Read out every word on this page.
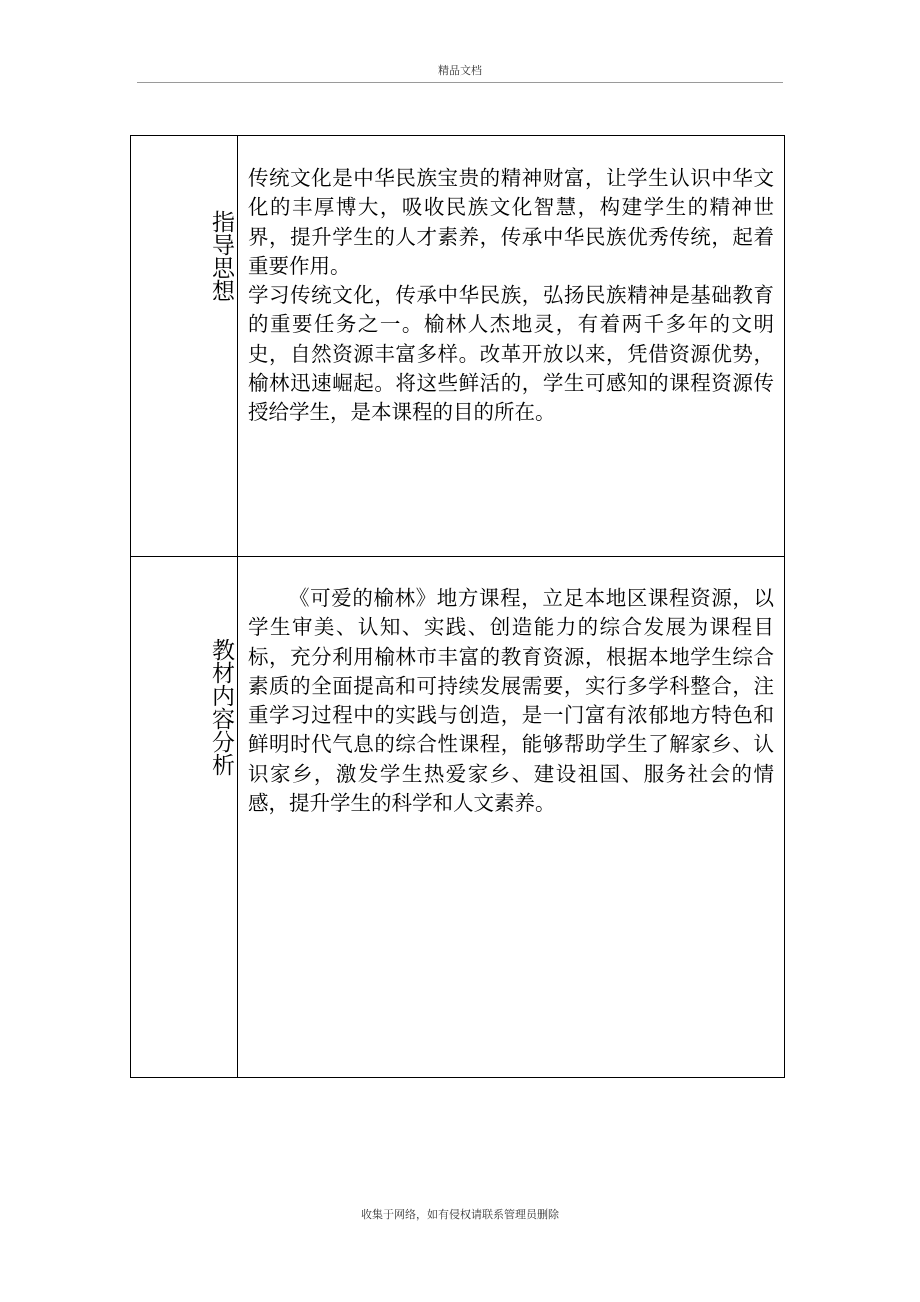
精品文档
指导思想

传统文化是中华民族宝贵的精神财富，让学生认识中华文化的丰厚博大，吸收民族文化智慧，构建学生的精神世界，提升学生的人才素养，传承中华民族优秀传统，起着重要作用。

学习传统文化，传承中华民族，弘扬民族精神是基础教育的重要任务之一。榆林人杰地灵，有着两千多年的文明史，自然资源丰富多样。改革开放以来，凭借资源优势，榆林迅速崛起。将这些鲜活的，学生可感知的课程资源传授给学生，是本课程的目的所在。

教材内容分析

《可爱的榆林》地方课程，立足本地区课程资源，以学生审美、认知、实践、创造能力的综合发展为课程目标，充分利用榆林市丰富的教育资源，根据本地学生综合素质的全面提高和可持续发展需要，实行多学科整合，注重学习过程中的实践与创造，是一门富有浓郁地方特色和鲜明时代气息的综合性课程，能够帮助学生了解家乡、认识家乡，激发学生热爱家乡、建设祖国、服务社会的情感，提升学生的科学和人文素养。

收集于网络，如有侵权请联系管理员删除
